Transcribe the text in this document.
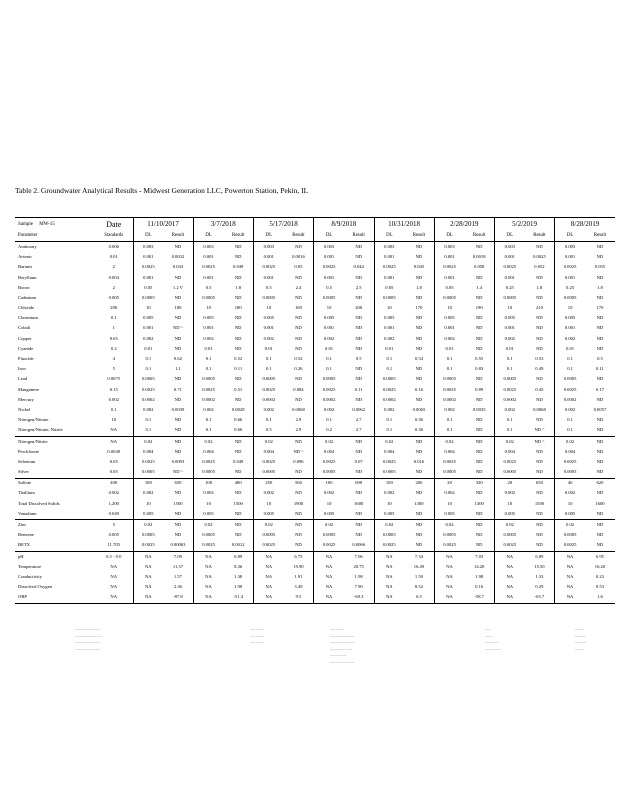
Table 2. Groundwater Analytical Results - Midwest Generation LLC, Powerton Station, Pekin, IL
Sample MW-15	Date	11/10/2017		3/7/2018		5/17/2018		8/9/2018		10/31/2018		2/28/2019		5/2/2019		8/28/2019	
Parameter	Standards	DL	Result	DL	Result	DL	Result	DL	Result	DL	Result	DL	Result	DL	Result	DL	Result
Antimony	0.006	0.003	ND	0.003	ND	0.003	ND	0.003	ND	0.003	ND	0.003	ND	0.003	ND	0.003	ND
Arsenic	0.01	0.001	0.0032	0.001	ND	0.001	0.0016	0.001	ND	0.001	ND	0.001	0.0018	0.001	0.0025	0.001	ND
Barium	2	0.0025	0.043	0.0025	0.049	0.0025	0.05	0.0025	0.044	0.0025	0.045	0.0025	0.058	0.0025	0.052	0.0025	0.055
Beryllium	0.004	0.001	ND	0.001	ND	0.001	ND	0.001	ND	0.001	ND	0.001	ND	0.001	ND	0.001	ND
Boron	2	0.05	1.2 V	0.5	1.8	0.5	2.4	0.5	2.5	0.05	1.8	0.05	1.4	0.25	1.8	0.25	1.8
Cadmium	0.005	0.0005	ND	0.0005	ND	0.0005	ND	0.0005	ND	0.0005	ND	0.0005	ND	0.0005	ND	0.0005	ND
Chloride	200	10	180	10	180	10	160	10	200	10	170	10	190	10	210	10	170
Chromium	0.1	0.005	ND	0.005	ND	0.005	ND	0.005	ND	0.005	ND	0.005	ND	0.005	ND	0.005	ND
Cobalt	1	0.001	ND ^	0.001	ND	0.001	ND	0.001	ND	0.001	ND	0.001	ND	0.001	ND	0.001	ND
Copper	0.65	0.002	ND	0.002	ND	0.002	ND	0.002	ND	0.002	ND	0.002	ND	0.002	ND	0.002	ND
Cyanide	0.2	0.01	ND	0.01	ND	0.01	ND	0.01	ND	0.01	ND	0.01	ND	0.01	ND	0.01	ND
Fluoride	4	0.1	0.62	0.1	0.52	0.1	0.52	0.1	0.5	0.1	0.54	0.1	0.55	0.1	0.53	0.1	0.5
Iron	5	0.1	1.1	0.1	0.11	0.1	0.26	0.1	ND	0.1	ND	0.1	0.83	0.1	0.49	0.1	0.11
Lead	0.0075	0.0005	ND	0.0005	ND	0.0005	ND	0.0005	ND	0.0005	ND	0.0005	ND	0.0005	ND	0.0005	ND
Manganese	0.15	0.0025	0.71	0.0025	0.51	0.0025	0.084	0.0025	0.11	0.0025	0.16	0.0025	0.89	0.0025	0.45	0.0025	0.17
Mercury	0.002	0.0002	ND	0.0002	ND	0.0002	ND	0.0002	ND	0.0002	ND	0.0002	ND	0.0002	ND	0.0002	ND
Nickel	0.1	0.002	0.0039	0.002	0.0028	0.002	0.0068	0.002	0.0062	0.002	0.0065	0.002	0.0035	0.002	0.0068	0.002	0.0057
Nitrogen/Nitrate	10	0.1	ND	0.1	0.66	0.1	2.9	0.1	2.7	0.1	0.36	0.1	ND	0.1	ND	0.1	ND
Nitrogen/Nitrate, Nitrite	NA	0.1	ND	0.1	0.66	0.5	2.9	0.2	2.7	0.1	0.36	0.1	ND	0.1	ND ^	0.1	ND
Nitrogen/Nitrite	NA	0.02	ND	0.02	ND	0.02	ND	0.02	ND	0.02	ND	0.02	ND	0.02	ND ^	0.02	ND
Perchlorate	0.0049	0.004	ND	0.004	ND	0.004	ND ^	0.004	ND	0.004	ND	0.004	ND	0.004	ND	0.004	ND
Selenium	0.05	0.0025	0.0093	0.0025	0.049	0.0025	0.096	0.0025	0.07	0.0025	0.016	0.0025	ND	0.0025	ND	0.0025	ND
Silver	0.05	0.0005	ND ^	0.0005	ND	0.0005	ND	0.0005	ND	0.0005	ND	0.0005	ND	0.0005	ND	0.0005	ND
Sulfate	400	100	650	100	480	250	560	100	690	100	200	20	330	20	650	40	620
Thallium	0.002	0.002	ND	0.002	ND	0.002	ND	0.002	ND	0.002	ND	0.002	ND	0.002	ND	0.002	ND
Total Dissolved Solids	1,200	10	1500	10	1500	10	1900	10	1600	10	1300	10	1300	10	1500	10	1600
Vanadium	0.049	0.005	ND	0.005	ND	0.005	ND	0.005	ND	0.005	ND	0.005	ND	0.005	ND	0.005	ND
Zinc	5	0.02	ND	0.02	ND	0.02	ND	0.02	ND	0.02	ND	0.02	ND	0.02	ND	0.02	ND
Benzene	0.005	0.0005	ND	0.0005	ND	0.0005	ND	0.0005	ND	0.0005	ND	0.0005	ND	0.0005	ND	0.0005	ND
BETX	11.705	0.0025	0.00063	0.0025	0.0012	0.0025	ND	0.0025	0.0066	0.0025	ND	0.0025	ND	0.0025	ND	0.0025	ND
pH	6.5 - 9.0	NA	7.09	NA	6.89	NA	6.75	NA	7.06	NA	7.34	NA	7.03	NA	6.89	NA	6.95
Temperature	NA	NA	11.37	NA	8.36	NA	19.90	NA	20.75	NA	16.49	NA	14.20	NA	15.50	NA	16.20
Conductivity	NA	NA	1.57	NA	1.38	NA	1.91	NA	1.98	NA	1.50	NA	1.98	NA	1.33	NA	0.23
Dissolved Oxygen	NA	NA	2.36	NA	1.90	NA	3.49	NA	7.90	NA	8.52	NA	0.16	NA	0.29	NA	0.53
ORP	NA	NA	-87.8	NA	-51.4	NA	9.5	NA	-69.3	NA	6.5	NA	-58.7	NA	-65.7	NA	1.6
———— ——— ——
———— ———— ——
——— ——— ———
———— ——— ——
—— ———
—— ———
—— ———
—— ———
———— ——— ——
——— ———— ——
——— ——— ——
——— ———
——— ———— ——
——
———
——— ——
——— ———
— ——
— ———
— ———
— ——
